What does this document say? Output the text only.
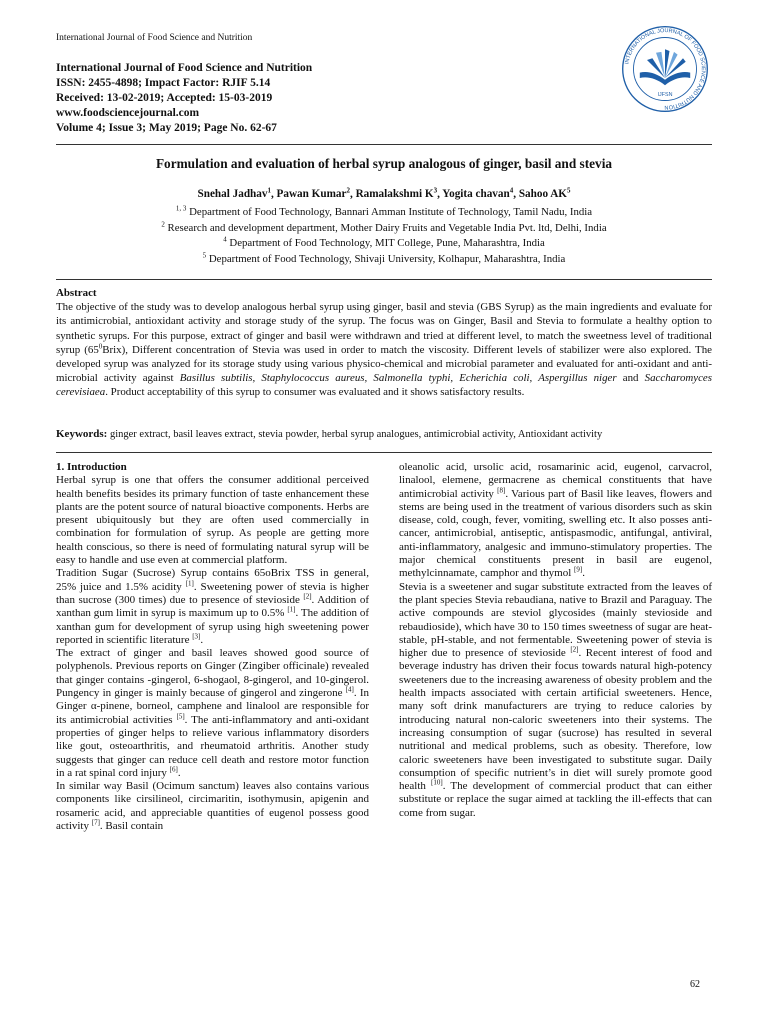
International Journal of Food Science and Nutrition
International Journal of Food Science and Nutrition
ISSN: 2455-4898; Impact Factor: RJIF 5.14
Received: 13-02-2019; Accepted: 15-03-2019
www.foodsciencejournal.com
Volume 4; Issue 3; May 2019; Page No. 62-67
INTERNATIONAL JOURNAL OF FOOD SCIENCE AND NUTRITION
IJFSN
Formulation and evaluation of herbal syrup analogous of ginger, basil and stevia
Snehal Jadhav$^1$, Pawan Kumar$^2$, Ramalakshmi $K^3$, Yogita chavan$^4$, Sahoo $AK^5$
$^{1, 3}$ Department of Food Technology, Bannari Amman Institute of Technology, Tamil Nadu, India
$^2$ Research and development department, Mother Dairy Fruits and Vegetable India Pvt. ltd, Delhi, India
$^4$ Department of Food Technology, MIT College, Pune, Maharashtra, India
$^5$ Department of Food Technology, Shivaji University, Kolhapur, Maharashtra, India
Abstract
The objective of the study was to develop analogous herbal syrup using ginger, basil and stevia (GBS Syrup) as the main ingredients and evaluate for its antimicrobial, antioxidant activity and storage study of the syrup. The focus was on Ginger, Basil and Stevia to formulate a healthy option to synthetic syrups. For this purpose, extract of ginger and basil were withdrawn and tried at different level, to match the sweetness level of traditional syrup $(65^0Brix)$, Different concentration of Stevia was used in order to match the viscosity. Different levels of stabilizer were also explored. The developed syrup was analyzed for its storage study using various physico-chemical and microbial parameter and evaluated for anti-oxidant and anti-microbial activity against Basillus subtilis, Staphylococcus aureus, Salmonella typhi, Echerichia coli, Aspergillus niger and Saccharomyces cerevisiaea. Product acceptability of this syrup to consumer was evaluated and it shows satisfactory results.
Keywords: ginger extract, basil leaves extract, stevia powder, herbal syrup analogues, antimicrobial activity, Antioxidant activity

1. Introduction

Herbal syrup is one that offers the consumer additional perceived health benefits besides its primary function of taste enhancement these plants are the potent source of natural bioactive components. Herbs are present ubiquitously but they are often used commercially in combination for formulation of syrup. As people are getting more health conscious, so there is need of formulating natural syrup will be easy to handle and use even at commercial platform.

Tradition Sugar (Sucrose) Syrup contains 65oBrix TSS in general, 25% juice and 1.5% acidity [1]. Sweetening power of stevia is higher than sucrose (300 times) due to presence of stevioside [2]. Addition of xanthan gum limit in syrup is maximum up to 0.5% [1]. The addition of xanthan gum for development of syrup using high sweetening power reported in scientific literature [3].

The extract of ginger and basil leaves showed good source of polyphenols. Previous reports on Ginger (Zingiber officinale) revealed that ginger contains -gingerol, 6-shogaol, 8-gingerol, and 10-gingerol. Pungency in ginger is mainly because of gingerol and zingerone [4]. In Ginger α-pinene, borneol, camphene and linalool are responsible for its antimicrobial activities [5]. The anti-inflammatory and anti-oxidant properties of ginger helps to relieve various inflammatory disorders like gout, osteoarthritis, and rheumatoid arthritis. Another study suggests that ginger can reduce cell death and restore motor function in a rat spinal cord injury [6].

In similar way Basil (Ocimum sanctum) leaves also contains various components like cirsilineol, circimaritin, isothymusin, apigenin and rosameric acid, and appreciable quantities of eugenol possess good activity [7]. Basil contain

oleanolic acid, ursolic acid, rosamarinic acid, eugenol, carvacrol, linalool, elemene, germacrene as chemical constituents that have antimicrobial activity [8]. Various part of Basil like leaves, flowers and stems are being used in the treatment of various disorders such as skin disease, cold, cough, fever, vomiting, swelling etc. It also posses anti-cancer, antimicrobial, antiseptic, antispasmodic, antifungal, antiviral, anti-inflammatory, analgesic and immuno-stimulatory properties. The major chemical constituents present in basil are eugenol, methylcinnamate, camphor and thymol [9].

Stevia is a sweetener and sugar substitute extracted from the leaves of the plant species Stevia rebaudiana, native to Brazil and Paraguay. The active compounds are steviol glycosides (mainly stevioside and rebaudioside), which have 30 to 150 times sweetness of sugar are heat-stable, pH-stable, and not fermentable. Sweetening power of stevia is higher due to presence of stevioside [2]. Recent interest of food and beverage industry has driven their focus towards natural high-potency sweeteners due to the increasing awareness of obesity problem and the health impacts associated with certain artificial sweeteners. Hence, many soft drink manufacturers are trying to reduce calories by introducing natural non-caloric sweeteners into their systems. The increasing consumption of sugar (sucrose) has resulted in several nutritional and medical problems, such as obesity. Therefore, low caloric sweeteners have been investigated to substitute sugar. Daily consumption of specific nutrient’s in diet will surely promote good health [10]. The development of commercial product that can either substitute or replace the sugar aimed at tackling the ill-effects that can come from sugar.

62
